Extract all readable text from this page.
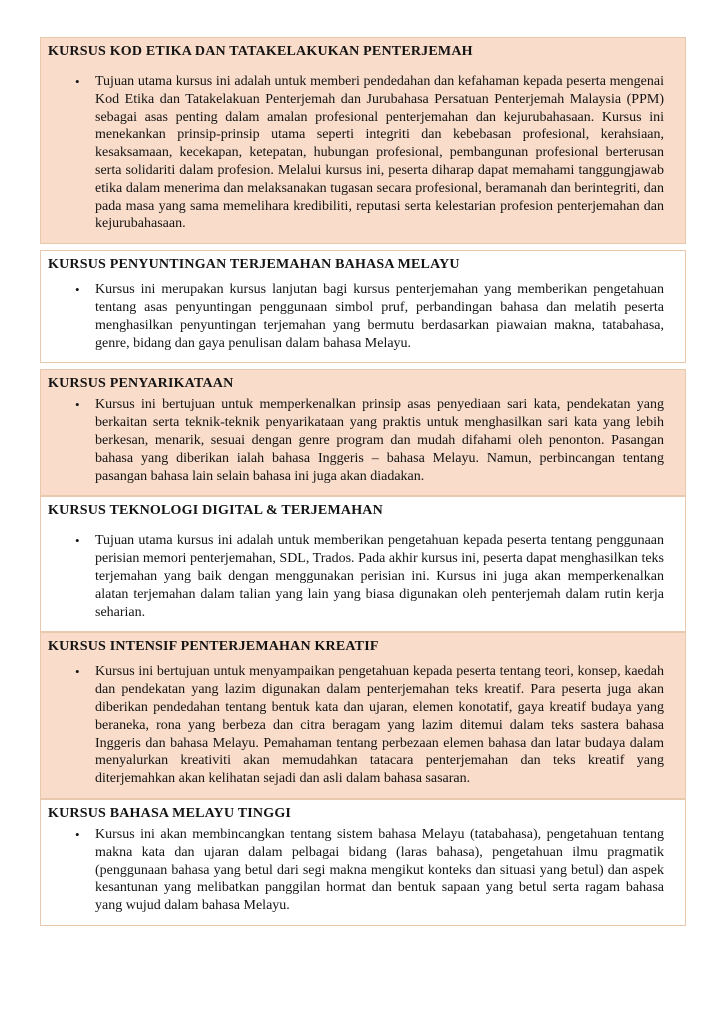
KURSUS KOD ETIKA DAN TATAKELAKUKAN PENTERJEMAH
•	Tujuan utama kursus ini adalah untuk memberi pendedahan dan kefahaman kepada peserta mengenai Kod Etika dan Tatakelakuan Penterjemah dan Jurubahasa Persatuan Penterjemah Malaysia (PPM) sebagai asas penting dalam amalan profesional penterjemahan dan kejurubahasaan. Kursus ini menekankan prinsip-prinsip utama seperti integriti dan kebebasan profesional, kerahsiaan, kesaksamaan, kecekapan, ketepatan, hubungan profesional, pembangunan profesional berterusan serta solidariti dalam profesion. Melalui kursus ini, peserta diharap dapat memahami tanggungjawab etika dalam menerima dan melaksanakan tugasan secara profesional, beramanah dan berintegriti, dan pada masa yang sama memelihara kredibiliti, reputasi serta kelestarian profesion penterjemahan dan kejurubahasaan.
KURSUS PENYUNTINGAN TERJEMAHAN BAHASA MELAYU
•	Kursus ini merupakan kursus lanjutan bagi kursus penterjemahan yang memberikan pengetahuan tentang asas penyuntingan penggunaan simbol pruf, perbandingan bahasa dan melatih peserta menghasilkan penyuntingan terjemahan yang bermutu berdasarkan piawaian makna, tatabahasa, genre, bidang dan gaya penulisan dalam bahasa Melayu.
KURSUS PENYARIKATAAN
•	Kursus ini bertujuan untuk memperkenalkan prinsip asas penyediaan sari kata, pendekatan yang berkaitan serta teknik-teknik penyarikataan yang praktis untuk menghasilkan sari kata yang lebih berkesan, menarik, sesuai dengan genre program dan mudah difahami oleh penonton. Pasangan bahasa yang diberikan ialah bahasa Inggeris – bahasa Melayu. Namun, perbincangan tentang pasangan bahasa lain selain bahasa ini juga akan diadakan.
KURSUS TEKNOLOGI DIGITAL & TERJEMAHAN
•	Tujuan utama kursus ini adalah untuk memberikan pengetahuan kepada peserta tentang penggunaan perisian memori penterjemahan, SDL, Trados. Pada akhir kursus ini, peserta dapat menghasilkan teks terjemahan yang baik dengan menggunakan perisian ini. Kursus ini juga akan memperkenalkan alatan terjemahan dalam talian yang lain yang biasa digunakan oleh penterjemah dalam rutin kerja seharian.
KURSUS INTENSIF PENTERJEMAHAN KREATIF
•	Kursus ini bertujuan untuk menyampaikan pengetahuan kepada peserta tentang teori, konsep, kaedah dan pendekatan yang lazim digunakan dalam penterjemahan teks kreatif. Para peserta juga akan diberikan pendedahan tentang bentuk kata dan ujaran, elemen konotatif, gaya kreatif budaya yang beraneka, rona yang berbeza dan citra beragam yang lazim ditemui dalam teks sastera bahasa Inggeris dan bahasa Melayu. Pemahaman tentang perbezaan elemen bahasa dan latar budaya dalam menyalurkan kreativiti akan memudahkan tatacara penterjemahan dan teks kreatif yang diterjemahkan akan kelihatan sejadi dan asli dalam bahasa sasaran.
KURSUS BAHASA MELAYU TINGGI
•	Kursus ini akan membincangkan tentang sistem bahasa Melayu (tatabahasa), pengetahuan tentang makna kata dan ujaran dalam pelbagai bidang (laras bahasa), pengetahuan ilmu pragmatik (penggunaan bahasa yang betul dari segi makna mengikut konteks dan situasi yang betul) dan aspek kesantunan yang melibatkan panggilan hormat dan bentuk sapaan yang betul serta ragam bahasa yang wujud dalam bahasa Melayu.
